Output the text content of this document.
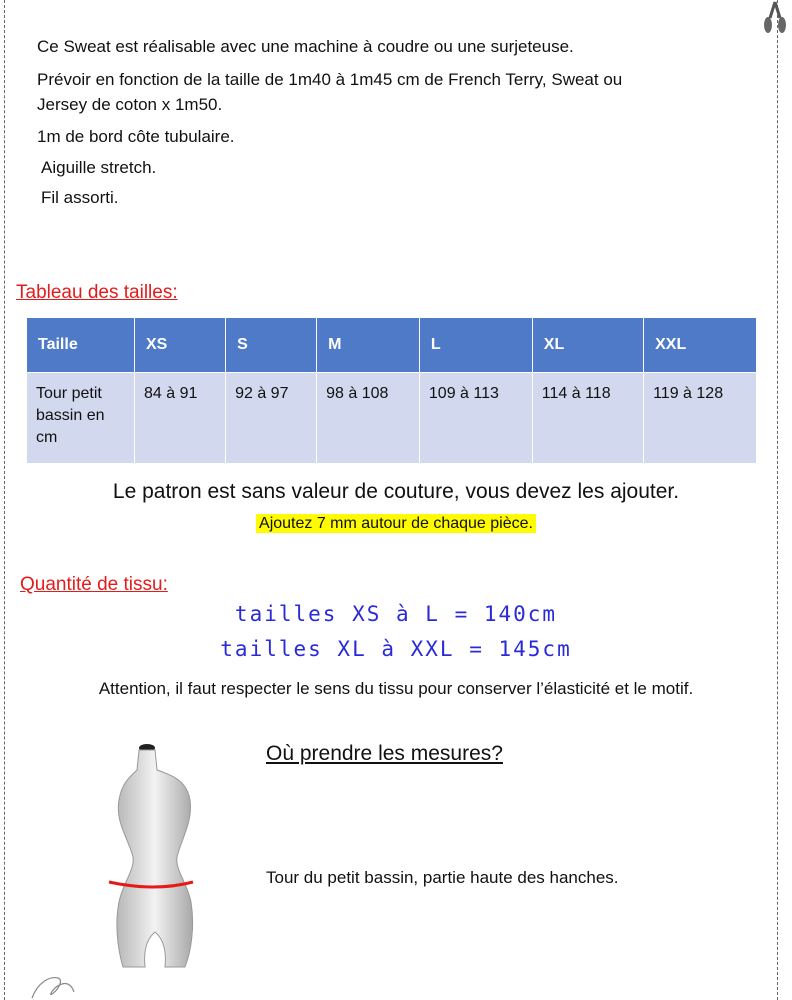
Ce Sweat est réalisable avec une machine à coudre ou une surjeteuse.
Prévoir en fonction de la taille de 1m40 à 1m45 cm de French Terry, Sweat ou
Jersey de coton x 1m50.
1m de bord côte tubulaire.
Aiguille stretch.
Fil assorti.
Tableau des tailles:
Taille	XS	S	M	L	XL	XXL
Tour petit bassin en cm	84 à 91	92 à 97	98 à 108	109 à 113	114 à 118	119 à 128
Le patron est sans valeur de couture, vous devez les ajouter.
Ajoutez 7 mm autour de chaque pièce.
Quantité de tissu:
tailles XS à L = 140cm
tailles XL à XXL = 145cm
Attention, il faut respecter le sens du tissu pour conserver l’élasticité et le motif.
Où prendre les mesures?
Tour du petit bassin, partie haute des hanches.
